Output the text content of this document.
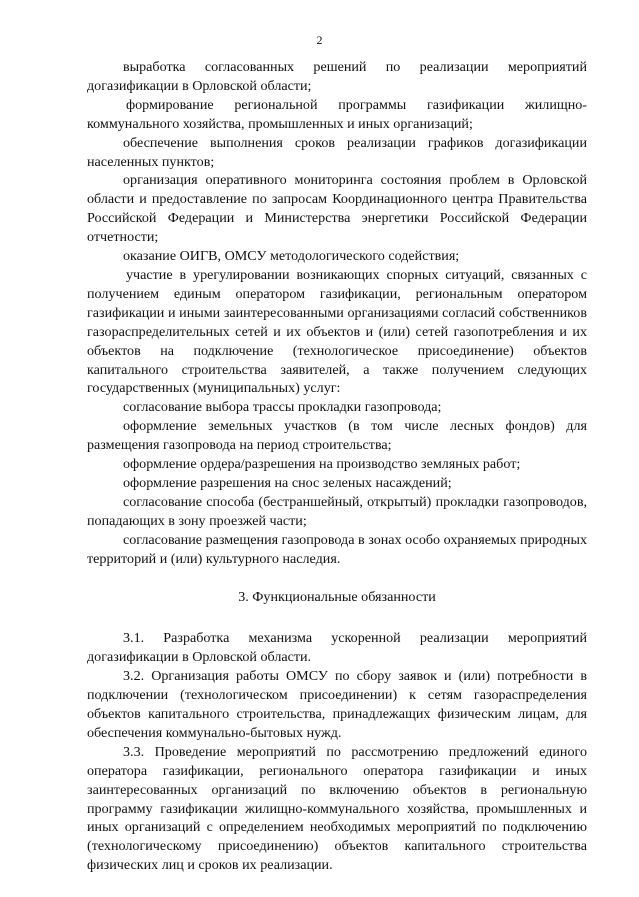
2

выработка согласованных решений по реализации мероприятий догазификации в Орловской области;

формирование региональной программы газификации жилищно-коммунального хозяйства, промышленных и иных организаций;

обеспечение выполнения сроков реализации графиков догазификации населенных пунктов;

организация оперативного мониторинга состояния проблем в Орловской области и предоставление по запросам Координационного центра Правительства Российской Федерации и Министерства энергетики Российской Федерации отчетности;

оказание ОИГВ, ОМСУ методологического содействия;

участие в урегулировании возникающих спорных ситуаций, связанных с получением единым оператором газификации, региональным оператором газификации и иными заинтересованными организациями согласий собственников газораспределительных сетей и их объектов и (или) сетей газопотребления и их объектов на подключение (технологическое присоединение) объектов капитального строительства заявителей, а также получением следующих государственных (муниципальных) услуг:

согласование выбора трассы прокладки газопровода;

оформление земельных участков (в том числе лесных фондов) для размещения газопровода на период строительства;

оформление ордера/разрешения на производство земляных работ;

оформление разрешения на снос зеленых насаждений;

согласование способа (бестраншейный, открытый) прокладки газопроводов, попадающих в зону проезжей части;

согласование размещения газопровода в зонах особо охраняемых природных территорий и (или) культурного наследия.

3. Функциональные обязанности

3.1. Разработка механизма ускоренной реализации мероприятий догазификации в Орловской области.

3.2. Организация работы ОМСУ по сбору заявок и (или) потребности в подключении (технологическом присоединении) к сетям газораспределения объектов капитального строительства, принадлежащих физическим лицам, для обеспечения коммунально-бытовых нужд.

3.3. Проведение мероприятий по рассмотрению предложений единого оператора газификации, регионального оператора газификации и иных заинтересованных организаций по включению объектов в региональную программу газификации жилищно-коммунального хозяйства, промышленных и иных организаций с определением необходимых мероприятий по подключению (технологическому присоединению) объектов капитального строительства физических лиц и сроков их реализации.
